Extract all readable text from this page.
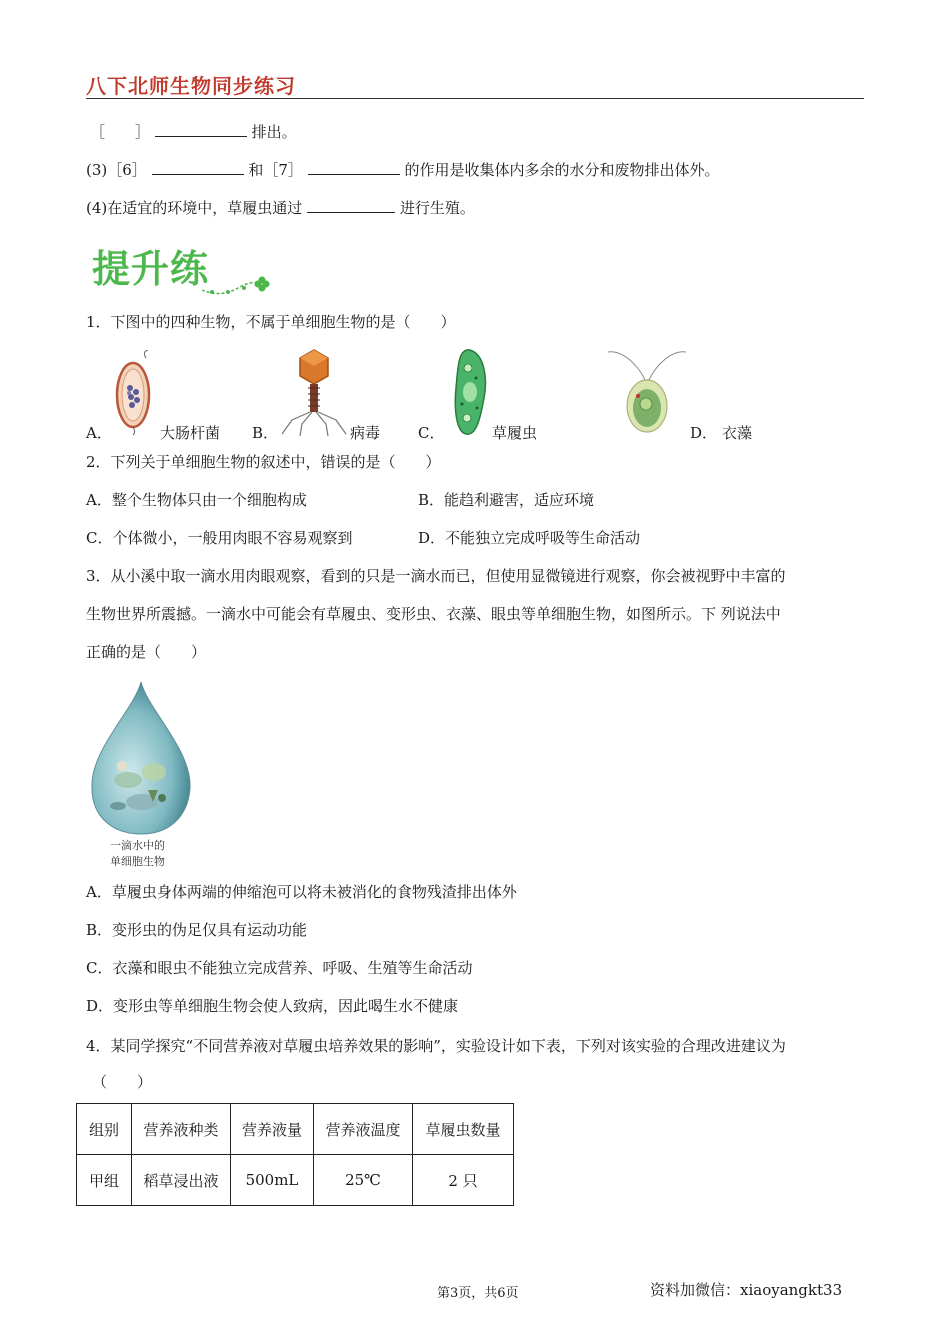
八下北师生物同步练习
［　　］	排出。
(3)［6］	和［7］	的作用是收集体内多余的水分和废物排出体外。
(4)在适宜的环境中，草履虫通过	进行生殖。
提升练
1．下图中的四种生物，不属于单细胞生物的是（　　）
A．	大肠杆菌 B．	病毒	C．	草履虫	D． 衣藻
2．下列关于单细胞生物的叙述中，错误的是（　　）
A．整个生物体只由一个细胞构成	B．能趋利避害，适应环境
C．个体微小，一般用肉眼不容易观察到	D．不能独立完成呼吸等生命活动
3．从小溪中取一滴水用肉眼观察，看到的只是一滴水而已，但使用显微镜进行观察，你会被视野中丰富的
生物世界所震撼。一滴水中可能会有草履虫、变形虫、衣藻、眼虫等单细胞生物，如图所示。下 列说法中
正确的是（　　）
一滴水中的
单细胞生物
A．草履虫身体两端的伸缩泡可以将未被消化的食物残渣排出体外
B．变形虫的伪足仅具有运动功能
C．衣藻和眼虫不能独立完成营养、呼吸、生殖等生命活动
D．变形虫等单细胞生物会使人致病，因此喝生水不健康
4．某同学探究“不同营养液对草履虫培养效果的影响”，实验设计如下表，下列对该实验的合理改进建议为
（　　）
组别	营养液种类	营养液量	营养液温度	草履虫数量
甲组	稻草浸出液	500mL	25℃	2 只
第3页，共6页	资料加微信：xiaoyangkt33
